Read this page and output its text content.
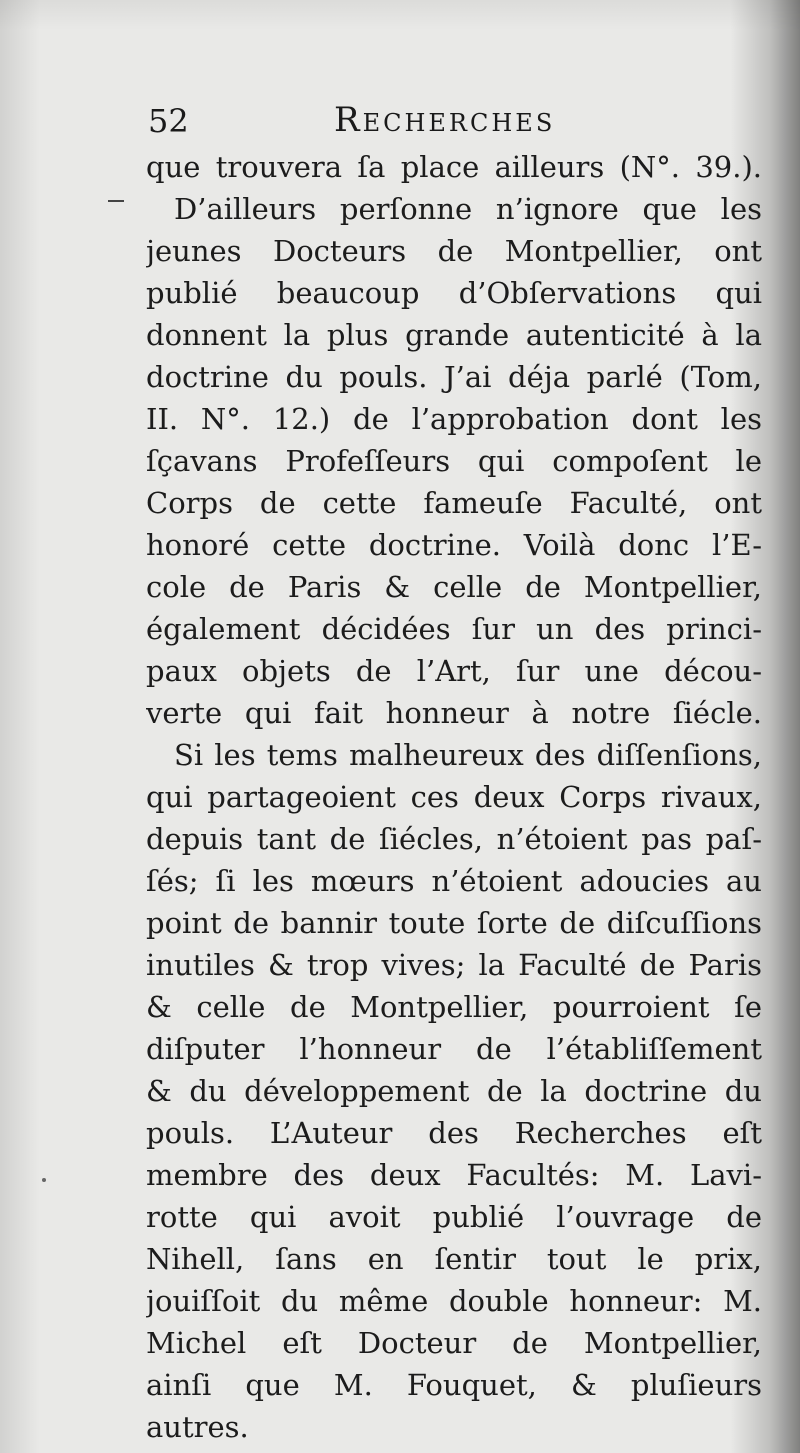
52	Recherches
que trouvera ſa place ailleurs (N°. 39.).
D’ailleurs perſonne n’ignore que les
jeunes Docteurs de Montpellier, ont
publié beaucoup d’Obſervations qui
donnent la plus grande autenticité à la
doctrine du pouls. J’ai déja parlé (Tom,
II. N°. 12.) de l’approbation dont les
ſçavans Profeſſeurs qui compoſent le
Corps de cette fameuſe Faculté, ont
honoré cette doctrine. Voilà donc l’E-
cole de Paris & celle de Montpellier,
également décidées ſur un des princi-
paux objets de l’Art, ſur une décou-
verte qui fait honneur à notre ſiécle.
Si les tems malheureux des diſſenſions,
qui partageoient ces deux Corps rivaux,
depuis tant de ſiécles, n’étoient pas paſ-
ſés; ſi les mœurs n’étoient adoucies au
point de bannir toute ſorte de diſcuſſions
inutiles & trop vives; la Faculté de Paris
& celle de Montpellier, pourroient ſe
diſputer l’honneur de l’établiſſement
& du développement de la doctrine du
pouls. L’Auteur des Recherches eſt
membre des deux Facultés: M. Lavi-
rotte qui avoit publié l’ouvrage de
Nihell, ſans en ſentir tout le prix,
jouiſſoit du même double honneur: M.
Michel eſt Docteur de Montpellier,
ainſi que M. Fouquet, & pluſieurs
autres.
